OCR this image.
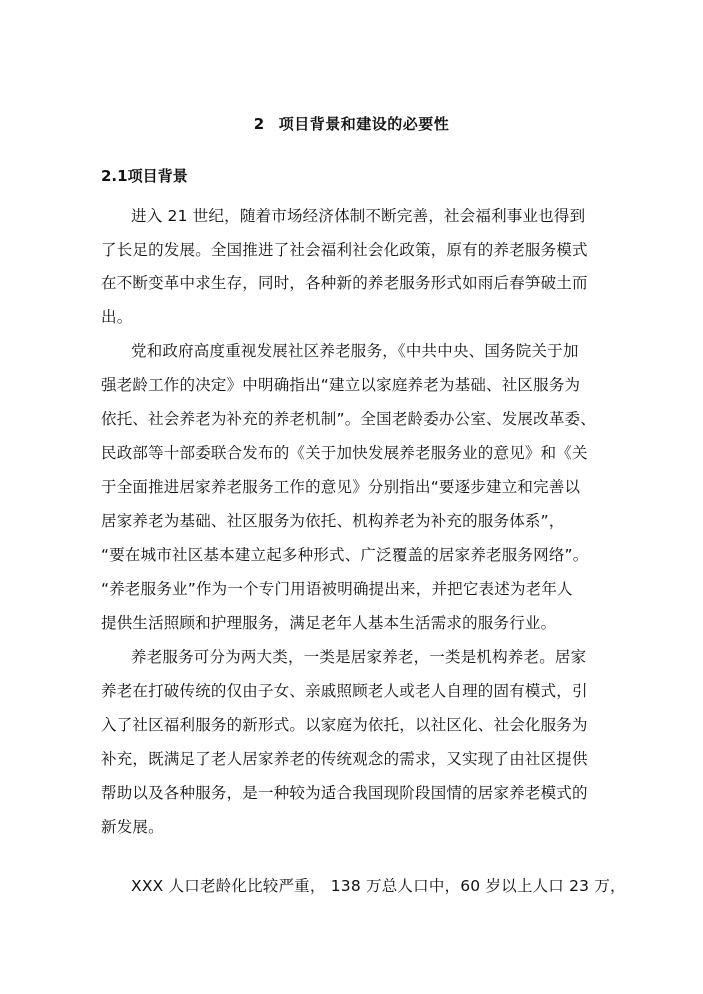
2 项目背景和建设的必要性
2.1项目背景
进入 21 世纪，随着市场经济体制不断完善，社会福利事业也得到
了长足的发展。全国推进了社会福利社会化政策，原有的养老服务模式
在不断变革中求生存，同时，各种新的养老服务形式如雨后春笋破土而
出。
党和政府高度重视发展社区养老服务，《中共中央、国务院关于加
强老龄工作的决定》中明确指出“建立以家庭养老为基础、社区服务为
依托、社会养老为补充的养老机制”。全国老龄委办公室、发展改革委、
民政部等十部委联合发布的《关于加快发展养老服务业的意见》和《关
于全面推进居家养老服务工作的意见》分别指出“要逐步建立和完善以
居家养老为基础、社区服务为依托、机构养老为补充的服务体系”，
“要在城市社区基本建立起多种形式、广泛覆盖的居家养老服务网络”。
“养老服务业”作为一个专门用语被明确提出来，并把它表述为老年人
提供生活照顾和护理服务，满足老年人基本生活需求的服务行业。
养老服务可分为两大类，一类是居家养老，一类是机构养老。居家
养老在打破传统的仅由子女、亲戚照顾老人或老人自理的固有模式，引
入了社区福利服务的新形式。以家庭为依托，以社区化、社会化服务为
补充，既满足了老人居家养老的传统观念的需求，又实现了由社区提供
帮助以及各种服务，是一种较为适合我国现阶段国情的居家养老模式的
新发展。
XXX 人口老龄化比较严重， 138 万总人口中，60 岁以上人口 23 万，
